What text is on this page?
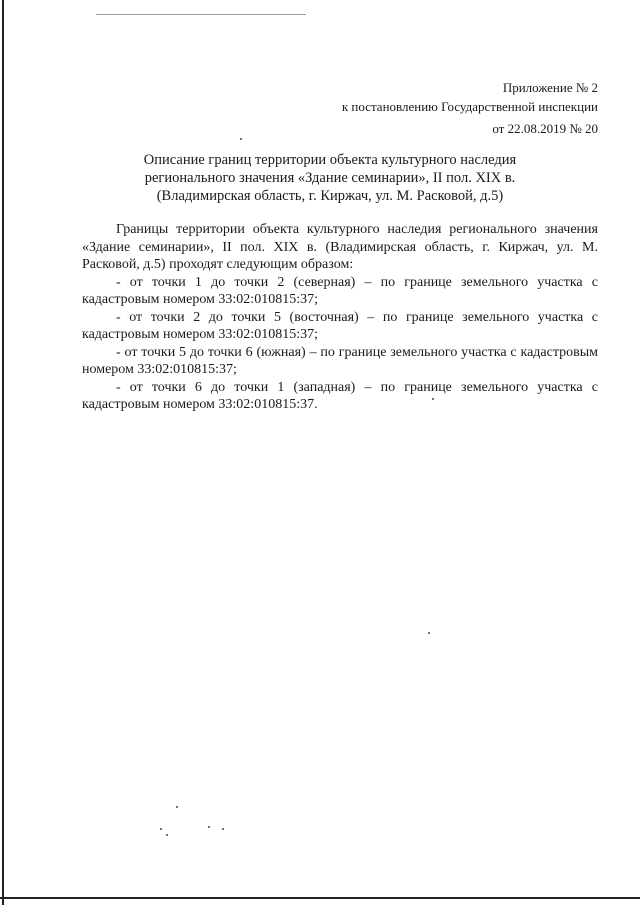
Приложение № 2
к постановлению Государственной инспекции
от 22.08.2019 № 20
Описание границ территории объекта культурного наследия
регионального значения «Здание семинарии», II пол. XIX в.
(Владимирская область, г. Киржач, ул. М. Расковой, д.5)

Границы территории объекта культурного наследия регионального значения «Здание семинарии», II пол. XIX в. (Владимирская область, г. Киржач, ул. М. Расковой, д.5) проходят следующим образом:

- от точки 1 до точки 2 (северная) – по границе земельного участка с кадастровым номером 33:02:010815:37;

- от точки 2 до точки 5 (восточная) – по границе земельного участка с кадастровым номером 33:02:010815:37;

- от точки 5 до точки 6 (южная) – по границе земельного участка с кадастровым номером 33:02:010815:37;

- от точки 6 до точки 1 (западная) – по границе земельного участка с кадастровым номером 33:02:010815:37.
